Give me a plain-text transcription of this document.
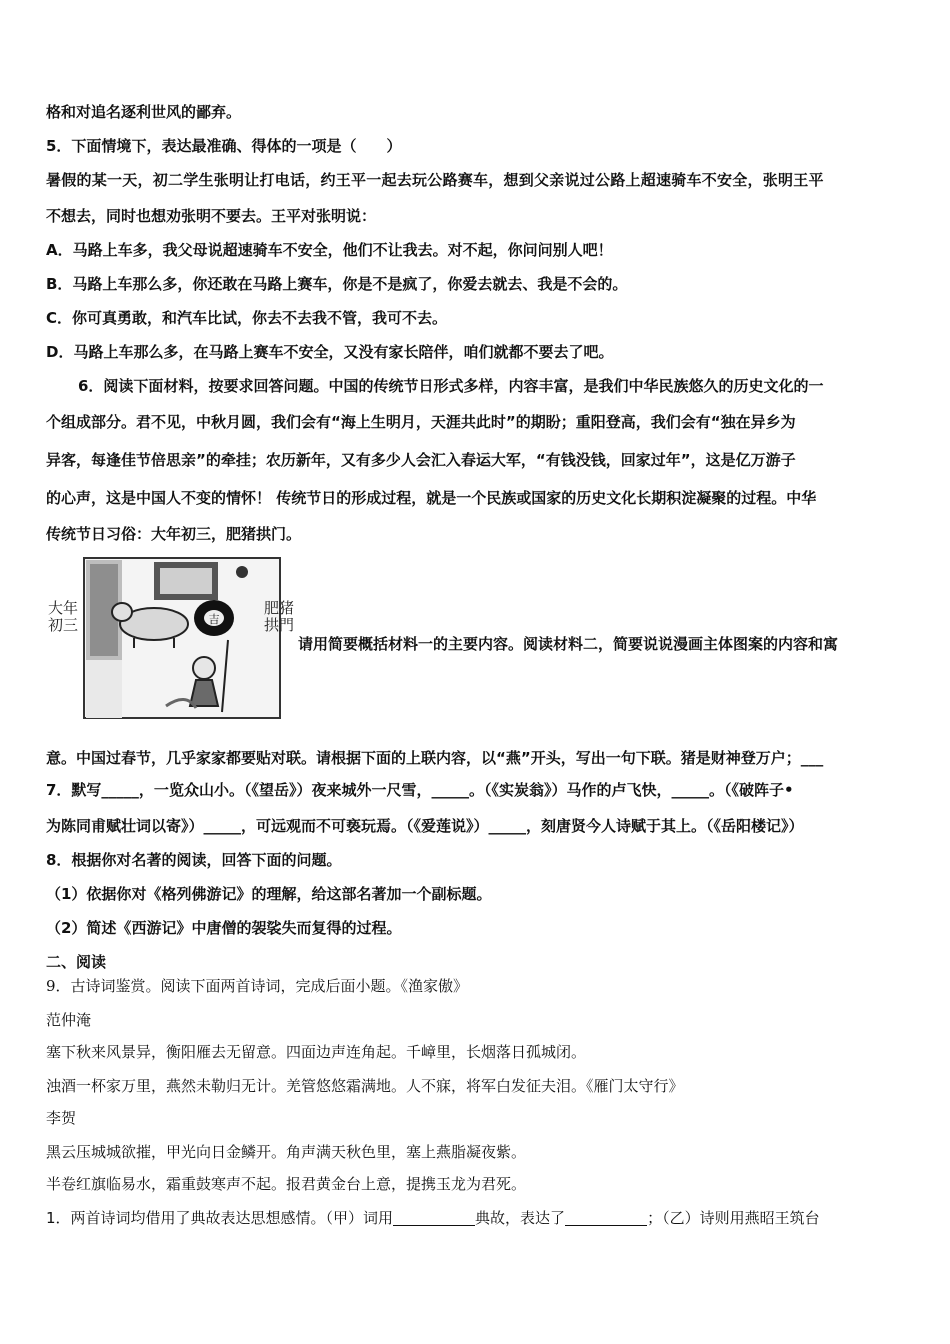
格和对追名逐利世风的鄙弃。
5．下面情境下，表达最准确、得体的一项是（　　）
暑假的某一天，初二学生张明让打电话，约王平一起去玩公路赛车，想到父亲说过公路上超速骑车不安全，张明王平
不想去，同时也想劝张明不要去。王平对张明说：
A．马路上车多，我父母说超速骑车不安全，他们不让我去。对不起，你问问别人吧！
B．马路上车那么多，你还敢在马路上赛车，你是不是疯了，你爱去就去、我是不会的。
C．你可真勇敢，和汽车比试，你去不去我不管，我可不去。
D．马路上车那么多，在马路上赛车不安全，又没有家长陪伴，咱们就都不要去了吧。
6．阅读下面材料，按要求回答问题。中国的传统节日形式多样，内容丰富，是我们中华民族悠久的历史文化的一
个组成部分。君不见，中秋月圆，我们会有“海上生明月，天涯共此时”的期盼；重阳登高，我们会有“独在异乡为
异客，每逢佳节倍思亲”的牵挂；农历新年，又有多少人会汇入春运大军，“有钱没钱，回家过年”，这是亿万游子
的心声，这是中国人不变的情怀！ 传统节日的形成过程，就是一个民族或国家的历史文化长期积淀凝聚的过程。中华
传统节日习俗：大年初三，肥猪拱门。
吉
大年初三
肥猪拱門
请用简要概括材料一的主要内容。阅读材料二，简要说说漫画主体图案的内容和寓
意。中国过春节，几乎家家都要贴对联。请根据下面的上联内容，以“燕”开头，写出一句下联。猪是财神登万户；___
7．默写_____，一览众山小。（《望岳》）夜来城外一尺雪，_____。（《实炭翁》）马作的卢飞快，_____。（《破阵子•
为陈同甫赋壮词以寄》）_____，可远观而不可亵玩焉。（《爱莲说》）_____，刻唐贤今人诗赋于其上。（《岳阳楼记》）
8．根据你对名著的阅读，回答下面的问题。
（1）依据你对《格列佛游记》的理解，给这部名著加一个副标题。
（2）简述《西游记》中唐僧的袈裟失而复得的过程。
二、阅读
9．古诗词鉴赏。阅读下面两首诗词，完成后面小题。《渔家傲》
范仲淹
塞下秋来风景异，衡阳雁去无留意。四面边声连角起。千嶂里，长烟落日孤城闭。
浊酒一杯家万里，燕然未勒归无计。羌管悠悠霜满地。人不寐，将军白发征夫泪。《雁门太守行》
李贺
黑云压城城欲摧，甲光向日金鳞开。角声满天秋色里，塞上燕脂凝夜紫。
半卷红旗临易水，霜重鼓寒声不起。报君黄金台上意，提携玉龙为君死。
1．两首诗词均借用了典故表达思想感情。（甲）词用	典故，表达了	；（乙）诗则用燕昭王筑台
